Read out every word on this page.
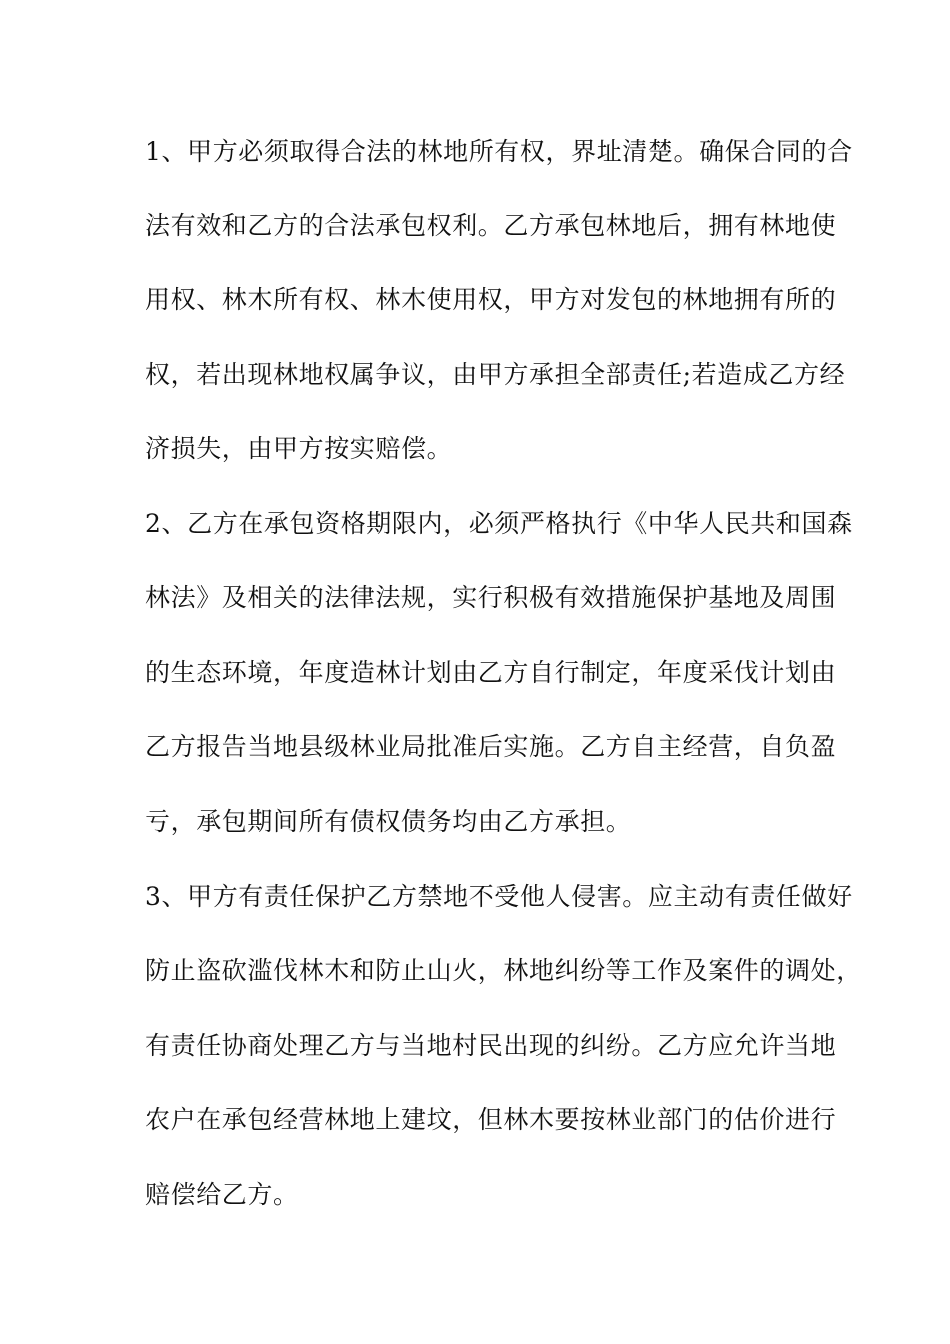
1、甲方必须取得合法的林地所有权，界址清楚。确保合同的合
法有效和乙方的合法承包权利。乙方承包林地后，拥有林地使
用权、林木所有权、林木使用权，甲方对发包的林地拥有所的
权，若出现林地权属争议，由甲方承担全部责任;若造成乙方经
济损失，由甲方按实赔偿。
2、乙方在承包资格期限内，必须严格执行《中华人民共和国森
林法》及相关的法律法规，实行积极有效措施保护基地及周围
的生态环境，年度造林计划由乙方自行制定，年度采伐计划由
乙方报告当地县级林业局批准后实施。乙方自主经营，自负盈
亏，承包期间所有债权债务均由乙方承担。
3、甲方有责任保护乙方禁地不受他人侵害。应主动有责任做好
防止盗砍滥伐林木和防止山火，林地纠纷等工作及案件的调处，
有责任协商处理乙方与当地村民出现的纠纷。乙方应允许当地
农户在承包经营林地上建坟，但林木要按林业部门的估价进行
赔偿给乙方。
